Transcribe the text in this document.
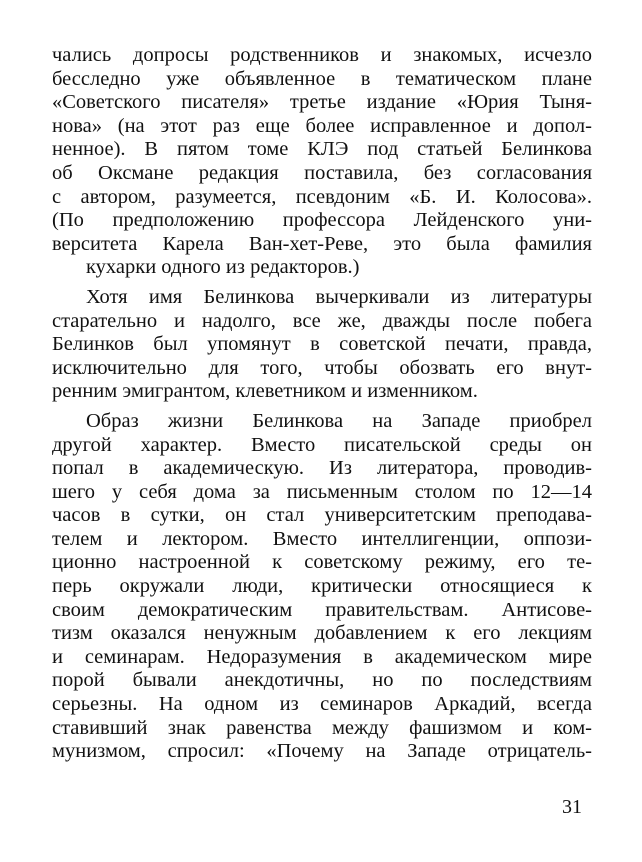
чались допросы родственников и знакомых, исчезло
бесследно уже объявленное в тематическом плане
«Советского писателя» третье издание «Юрия Тыня-
нова» (на этот раз еще более исправленное и допол-
ненное). В пятом томе КЛЭ под статьей Белинкова
об Оксмане редакция поставила, без согласования
с автором, разумеется, псевдоним «Б. И. Колосова».
(По предположению профессора Лейденского уни-
верситета Карела Ван-хет-Реве, это была фамилия
кухарки одного из редакторов.)
Хотя имя Белинкова вычеркивали из литературы
старательно и надолго, все же, дважды после побега
Белинков был упомянут в советской печати, правда,
исключительно для того, чтобы обозвать его внут-
ренним эмигрантом, клеветником и изменником.
Образ жизни Белинкова на Западе приобрел
другой характер. Вместо писательской среды он
попал в академическую. Из литератора, проводив-
шего у себя дома за письменным столом по 12—14
часов в сутки, он стал университетским преподава-
телем и лектором. Вместо интеллигенции, оппози-
ционно настроенной к советскому режиму, его те-
перь окружали люди, критически относящиеся к
своим демократическим правительствам. Антисове-
тизм оказался ненужным добавлением к его лекциям
и семинарам. Недоразумения в академическом мире
порой бывали анекдотичны, но по последствиям
серьезны. На одном из семинаров Аркадий, всегда
ставивший знак равенства между фашизмом и ком-
мунизмом, спросил: «Почему на Западе отрицатель-
31
